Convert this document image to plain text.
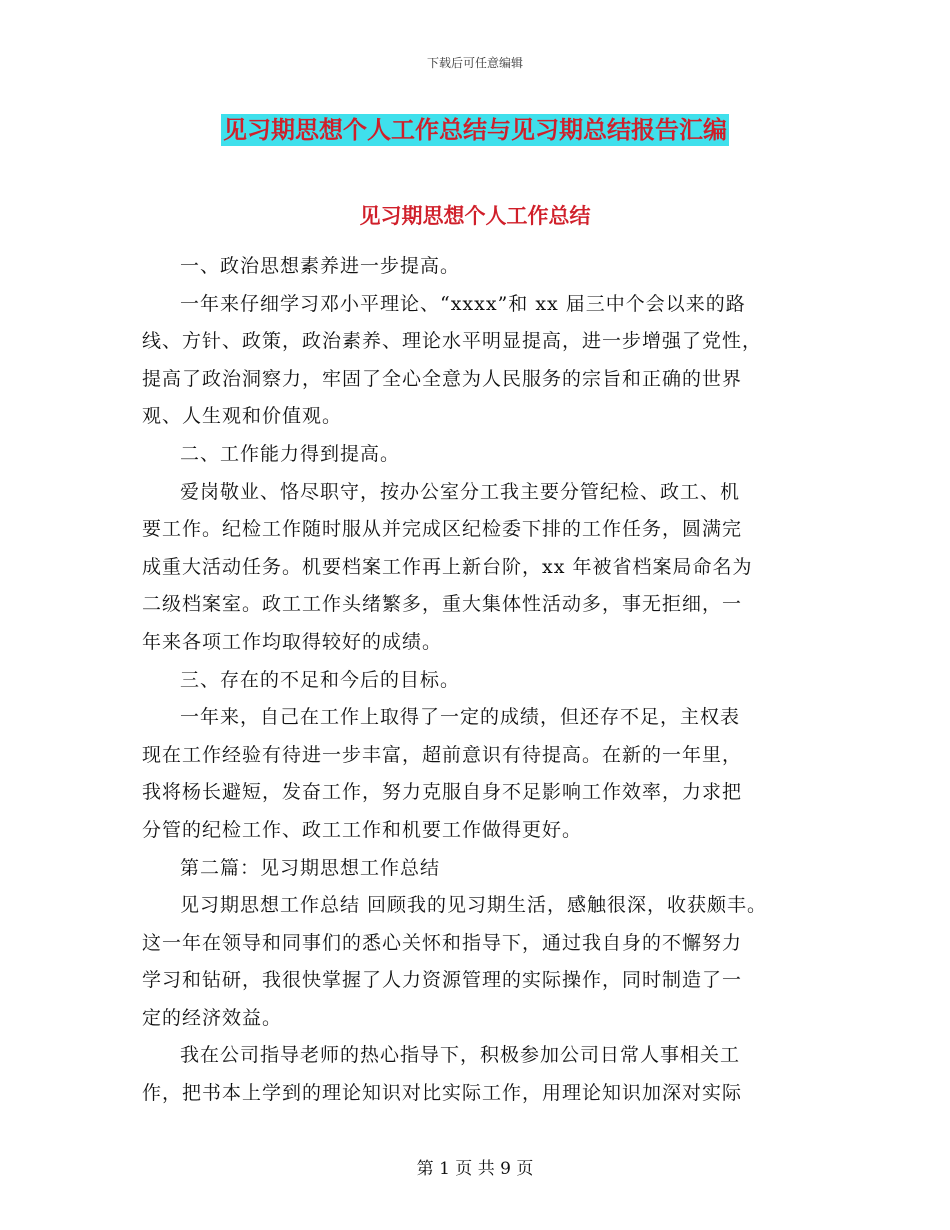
下载后可任意编辑
见习期思想个人工作总结与见习期总结报告汇编
见习期思想个人工作总结

一、政治思想素养进一步提高。

一年来仔细学习邓小平理论、“xxxx”和 xx 届三中个会以来的路

线、方针、政策，政治素养、理论水平明显提高，进一步增强了党性，

提高了政治洞察力，牢固了全心全意为人民服务的宗旨和正确的世界

观、人生观和价值观。

二、工作能力得到提高。

爱岗敬业、恪尽职守，按办公室分工我主要分管纪检、政工、机

要工作。纪检工作随时服从并完成区纪检委下排的工作任务，圆满完

成重大活动任务。机要档案工作再上新台阶，xx 年被省档案局命名为

二级档案室。政工工作头绪繁多，重大集体性活动多，事无拒细，一

年来各项工作均取得较好的成绩。

三、存在的不足和今后的目标。

一年来，自己在工作上取得了一定的成绩，但还存不足，主权表

现在工作经验有待进一步丰富，超前意识有待提高。在新的一年里，

我将杨长避短，发奋工作，努力克服自身不足影响工作效率，力求把

分管的纪检工作、政工工作和机要工作做得更好。

第二篇：见习期思想工作总结

见习期思想工作总结 回顾我的见习期生活，感触很深，收获颇丰。

这一年在领导和同事们的悉心关怀和指导下，通过我自身的不懈努力

学习和钻研，我很快掌握了人力资源管理的实际操作，同时制造了一

定的经济效益。

我在公司指导老师的热心指导下，积极参加公司日常人事相关工

作，把书本上学到的理论知识对比实际工作，用理论知识加深对实际

第 1 页 共 9 页
